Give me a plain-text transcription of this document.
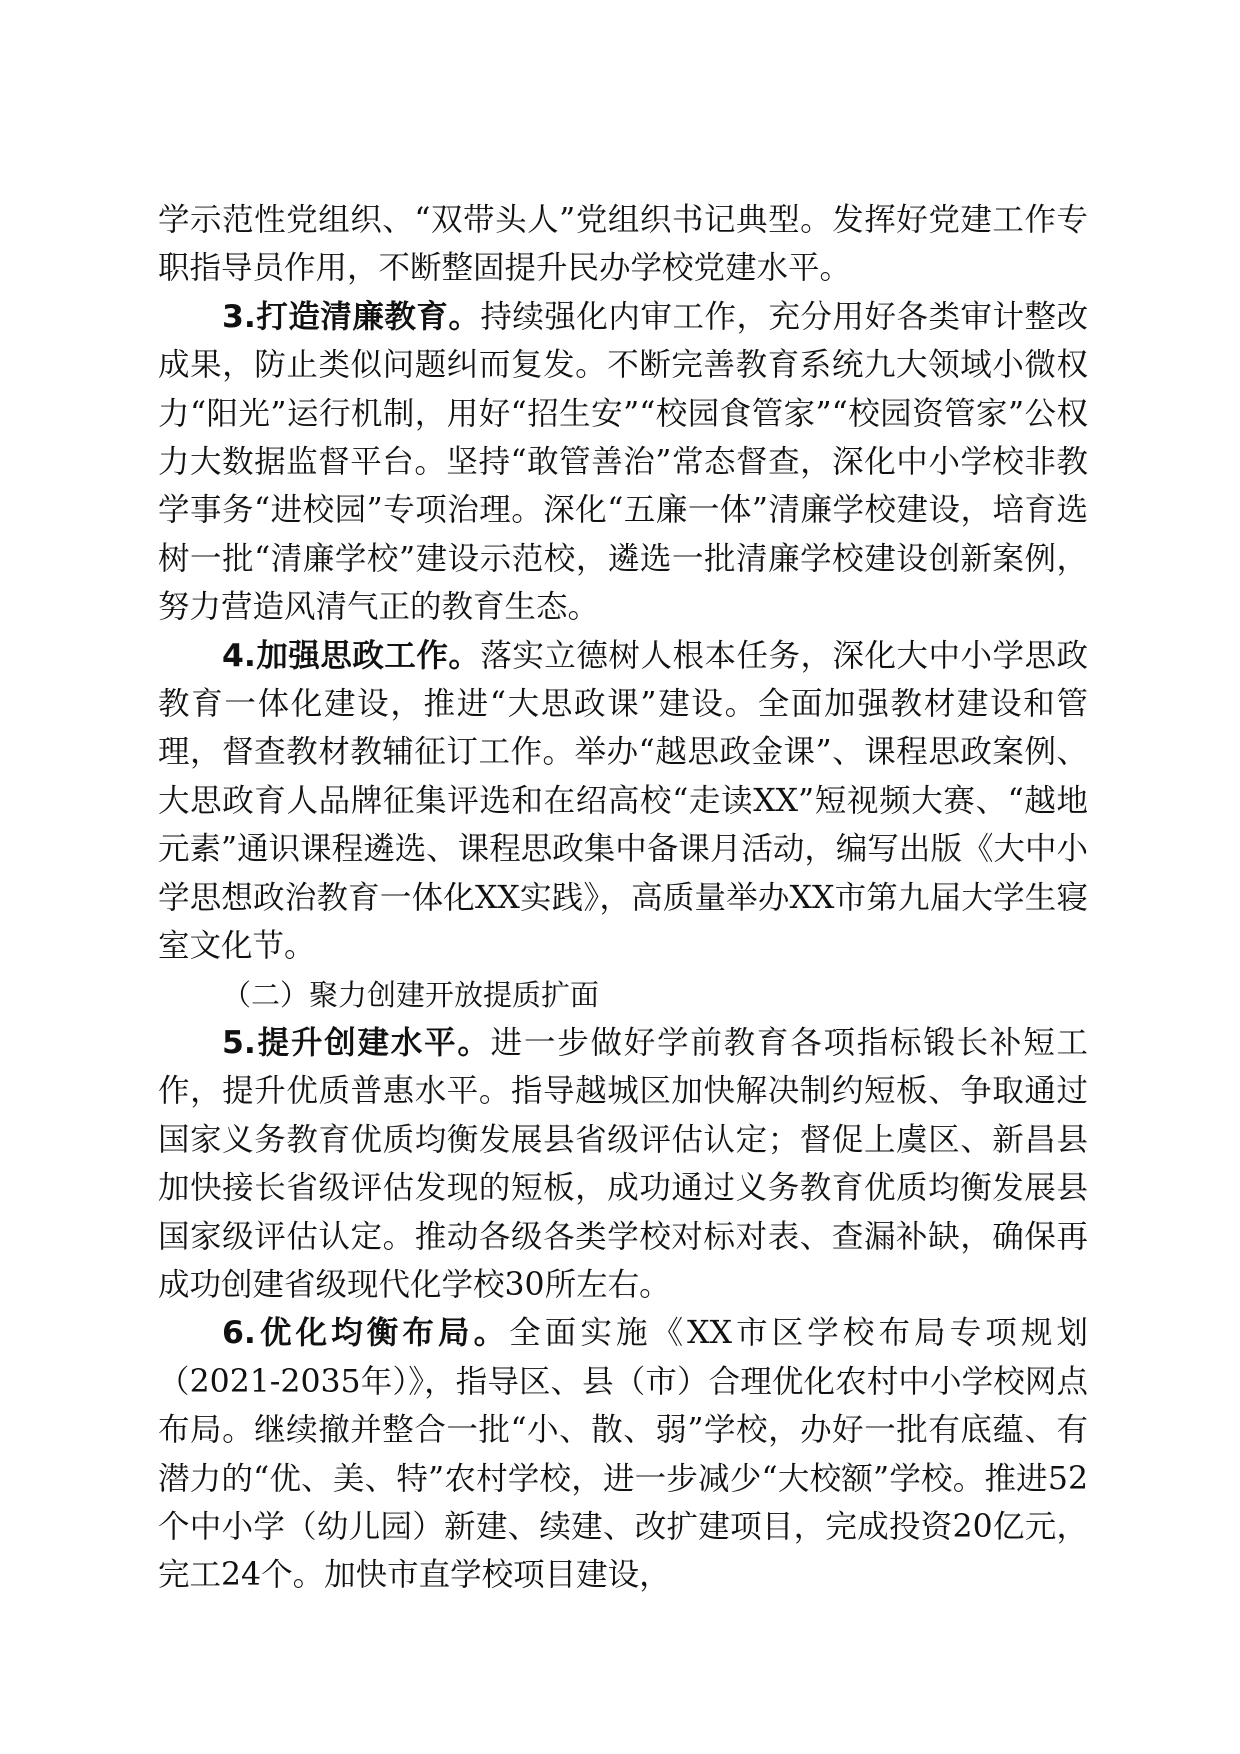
学示范性党组织、“双带头人”党组织书记典型。发挥好党建工作专职指导员作用，不断整固提升民办学校党建水平。

3.打造清廉教育。持续强化内审工作，充分用好各类审计整改成果，防止类似问题纠而复发。不断完善教育系统九大领域小微权力“阳光”运行机制，用好“招生安”“校园食管家”“校园资管家”公权力大数据监督平台。坚持“敢管善治”常态督查，深化中小学校非教学事务“进校园”专项治理。深化“五廉一体”清廉学校建设，培育选树一批“清廉学校”建设示范校，遴选一批清廉学校建设创新案例，努力营造风清气正的教育生态。

4.加强思政工作。落实立德树人根本任务，深化大中小学思政教育一体化建设，推进“大思政课”建设。全面加强教材建设和管理，督查教材教辅征订工作。举办“越思政金课”、课程思政案例、大思政育人品牌征集评选和在绍高校“走读XX”短视频大赛、“越地元素”通识课程遴选、课程思政集中备课月活动，编写出版《大中小学思想政治教育一体化XX实践》，高质量举办XX市第九届大学生寝室文化节。

（二）聚力创建开放提质扩面

5.提升创建水平。进一步做好学前教育各项指标锻长补短工作，提升优质普惠水平。指导越城区加快解决制约短板、争取通过国家义务教育优质均衡发展县省级评估认定；督促上虞区、新昌县加快接长省级评估发现的短板，成功通过义务教育优质均衡发展县国家级评估认定。推动各级各类学校对标对表、查漏补缺，确保再成功创建省级现代化学校30所左右。

6.优化均衡布局。全面实施《XX市区学校布局专项规划（2021-2035年）》，指导区、县（市）合理优化农村中小学校网点布局。继续撤并整合一批“小、散、弱”学校，办好一批有底蕴、有潜力的“优、美、特”农村学校，进一步减少“大校额”学校。推进52个中小学（幼儿园）新建、续建、改扩建项目，完成投资20亿元，完工24个。加快市直学校项目建设，
